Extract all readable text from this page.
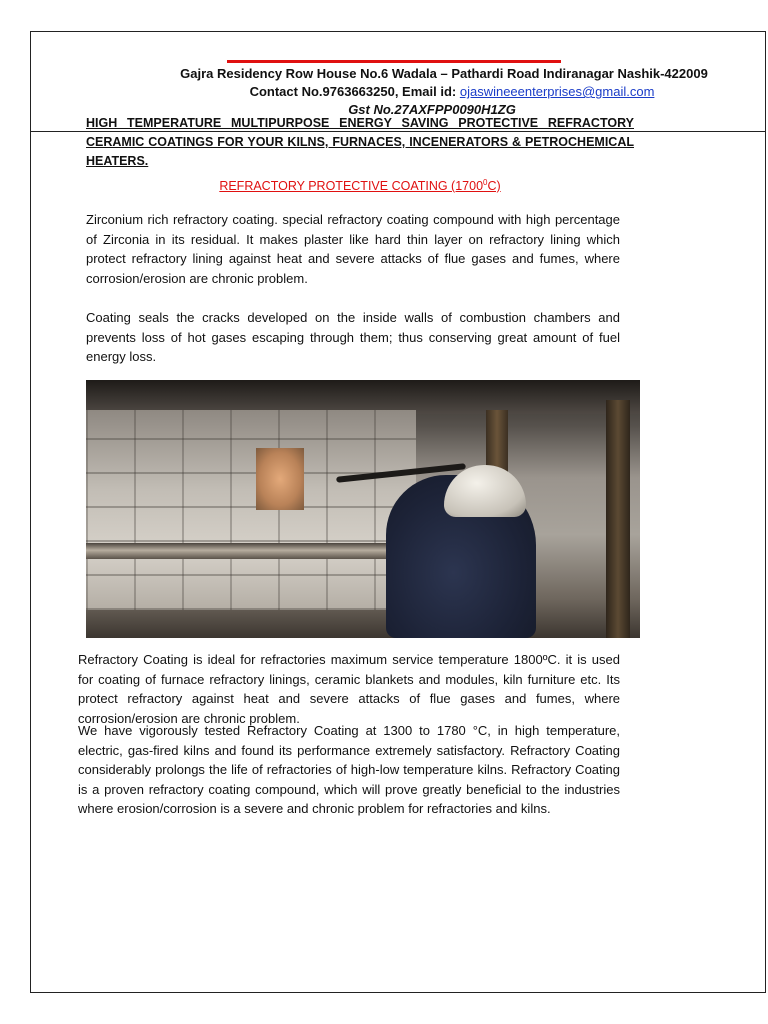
Gajra Residency Row House No.6 Wadala – Pathardi Road Indiranagar Nashik-422009
Contact No.9763663250, Email id: ojaswineeenterprises@gmail.com
Gst No.27AXFPP0090H1ZG
HIGH TEMPERATURE MULTIPURPOSE ENERGY SAVING PROTECTIVE REFRACTORY CERAMIC COATINGS FOR YOUR KILNS, FURNACES, INCENERATORS & PETROCHEMICAL HEATERS.
REFRACTORY PROTECTIVE COATING (1700$^0$C)

Zirconium rich refractory coating. special refractory coating compound with high percentage of Zirconia in its residual. It makes plaster like hard thin layer on refractory lining which protect refractory lining against heat and severe attacks of flue gases and fumes, where corrosion/erosion are chronic problem.

Coating seals the cracks developed on the inside walls of combustion chambers and prevents loss of hot gases escaping through them; thus conserving great amount of fuel energy loss.

Refractory Coating is ideal for refractories maximum service temperature 1800ºC. it is used for coating of furnace refractory linings, ceramic blankets and modules, kiln furniture etc. Its protect refractory against heat and severe attacks of flue gases and fumes, where corrosion/erosion are chronic problem.

We have vigorously tested Refractory Coating at 1300 to 1780 °C, in high temperature, electric, gas-fired kilns and found its performance extremely satisfactory. Refractory Coating considerably prolongs the life of refractories of high-low temperature kilns. Refractory Coating is a proven refractory coating compound, which will prove greatly beneficial to the industries where erosion/corrosion is a severe and chronic problem for refractories and kilns.
